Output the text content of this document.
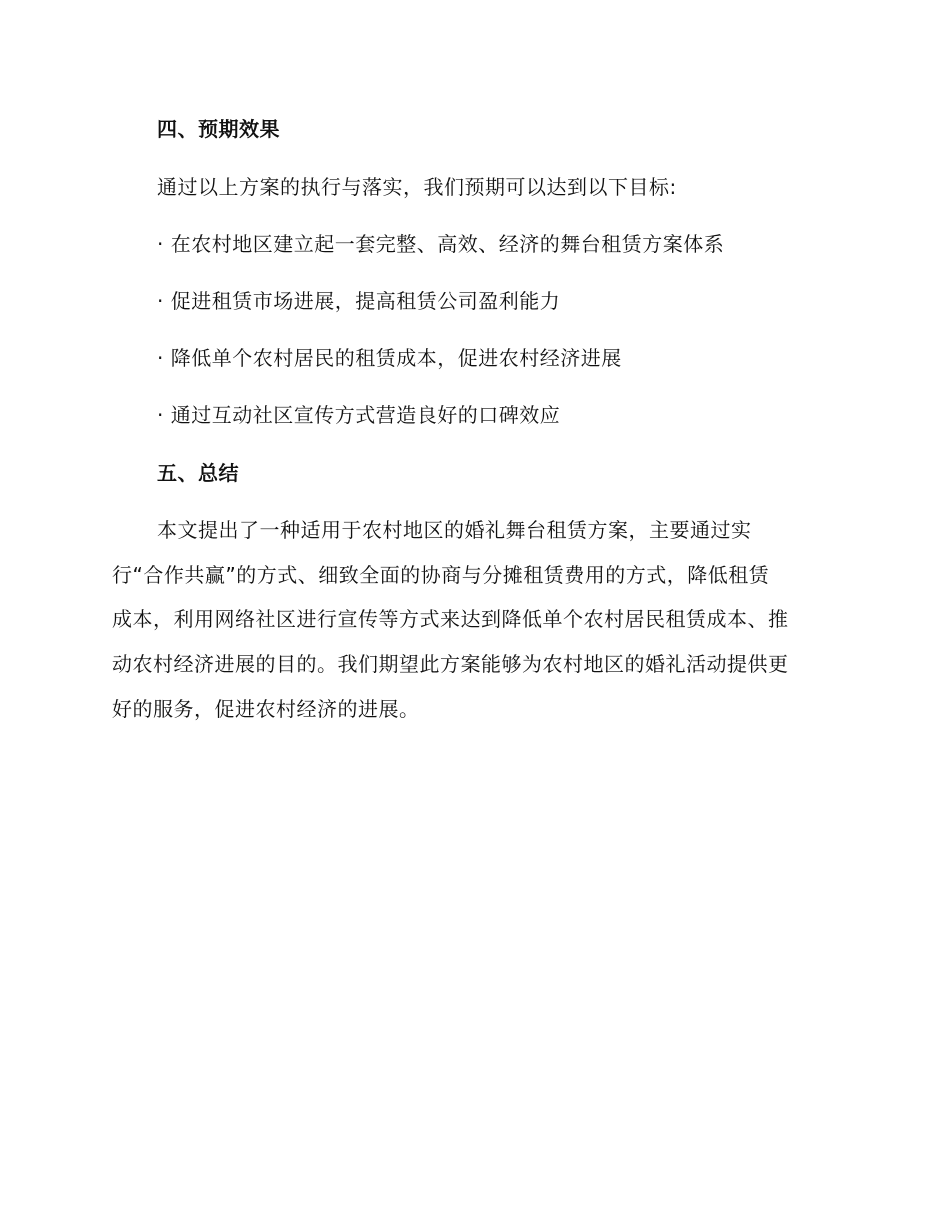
四、预期效果
通过以上方案的执行与落实，我们预期可以达到以下目标:
· 在农村地区建立起一套完整、高效、经济的舞台租赁方案体系
· 促进租赁市场进展，提高租赁公司盈利能力
· 降低单个农村居民的租赁成本，促进农村经济进展
· 通过互动社区宣传方式营造良好的口碑效应
五、总结
本文提出了一种适用于农村地区的婚礼舞台租赁方案，主要通过实
行“合作共赢”的方式、细致全面的协商与分摊租赁费用的方式，降低租赁
成本，利用网络社区进行宣传等方式来达到降低单个农村居民租赁成本、推
动农村经济进展的目的。我们期望此方案能够为农村地区的婚礼活动提供更
好的服务，促进农村经济的进展。
